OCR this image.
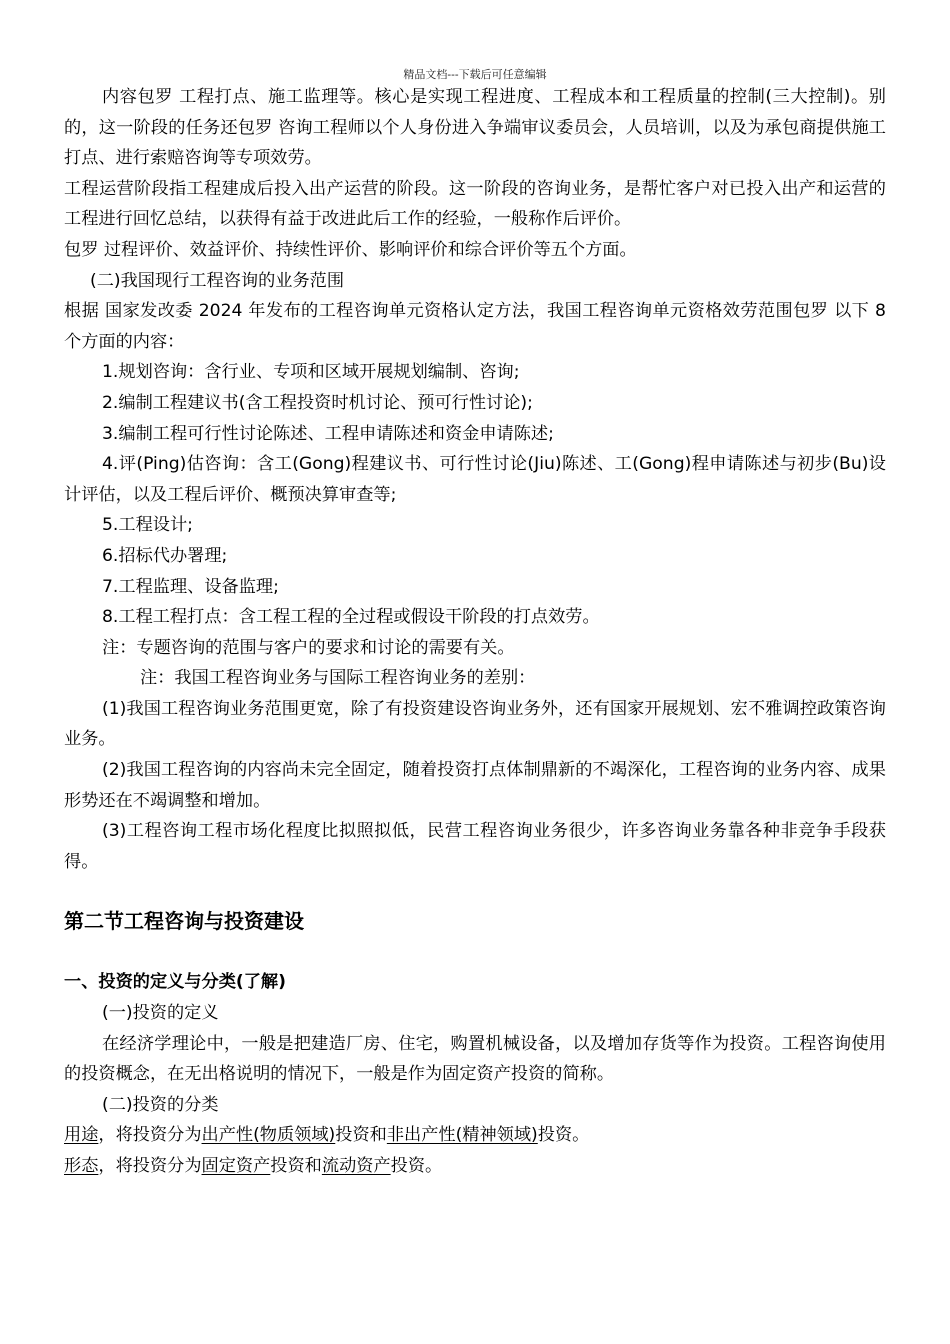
精品文档---下载后可任意编辑

内容包罗 工程打点、施工监理等。核心是实现工程进度、工程成本和工程质量的控制(三大控制)。别的，这一阶段的任务还包罗 咨询工程师以个人身份进入争端审议委员会，人员培训，以及为承包商提供施工打点、进行索赔咨询等专项效劳。

工程运营阶段指工程建成后投入出产运营的阶段。这一阶段的咨询业务，是帮忙客户对已投入出产和运营的工程进行回忆总结，以获得有益于改进此后工作的经验，一般称作后评价。

包罗 过程评价、效益评价、持续性评价、影响评价和综合评价等五个方面。

(二)我国现行工程咨询的业务范围

根据 国家发改委 2024 年发布的工程咨询单元资格认定方法，我国工程咨询单元资格效劳范围包罗 以下 8 个方面的内容：

1.规划咨询：含行业、专项和区域开展规划编制、咨询;

2.编制工程建议书(含工程投资时机讨论、预可行性讨论);

3.编制工程可行性讨论陈述、工程申请陈述和资金申请陈述;

4.评(Ping)估咨询：含工(Gong)程建议书、可行性讨论(Jiu)陈述、工(Gong)程申请陈述与初步(Bu)设计评估，以及工程后评价、概预决算审查等;

5.工程设计;

6.招标代办署理;

7.工程监理、设备监理;

8.工程工程打点：含工程工程的全过程或假设干阶段的打点效劳。

注：专题咨询的范围与客户的要求和讨论的需要有关。

注：我国工程咨询业务与国际工程咨询业务的差别：

(1)我国工程咨询业务范围更宽，除了有投资建设咨询业务外，还有国家开展规划、宏不雅调控政策咨询业务。

(2)我国工程咨询的内容尚未完全固定，随着投资打点体制鼎新的不竭深化，工程咨询的业务内容、成果形势还在不竭调整和增加。

(3)工程咨询工程市场化程度比拟照拟低，民营工程咨询业务很少，许多咨询业务靠各种非竞争手段获得。

第二节工程咨询与投资建设

一、投资的定义与分类(了解)

(一)投资的定义

在经济学理论中，一般是把建造厂房、住宅，购置机械设备，以及增加存货等作为投资。工程咨询使用的投资概念，在无出格说明的情况下，一般是作为固定资产投资的简称。

(二)投资的分类

用途，将投资分为出产性(物质领域)投资和非出产性(精神领域)投资。

形态，将投资分为固定资产投资和流动资产投资。
